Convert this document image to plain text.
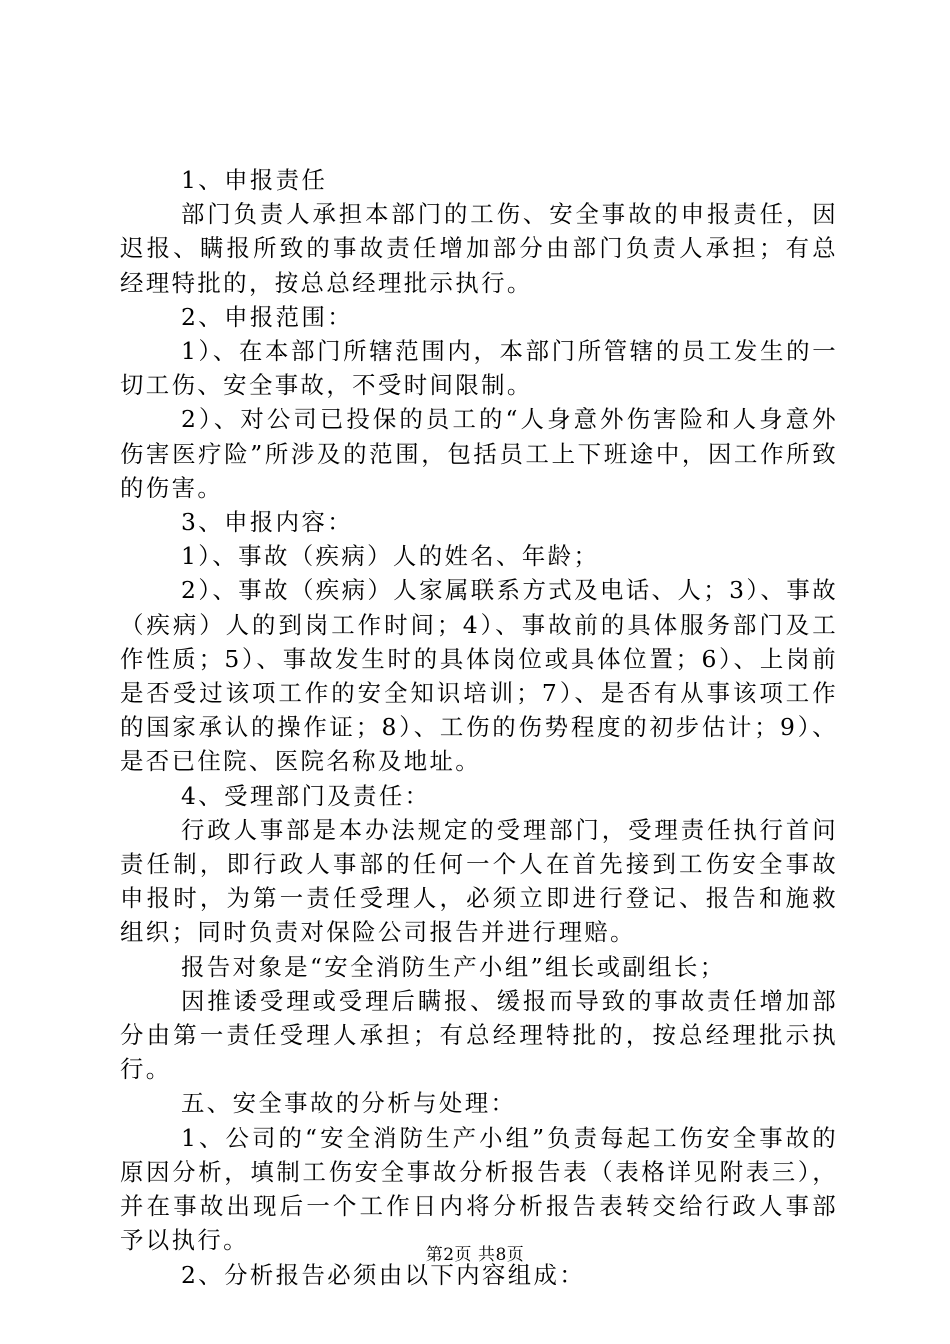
1、申报责任

部门负责人承担本部门的工伤、安全事故的申报责任，因迟报、瞒报所致的事故责任增加部分由部门负责人承担；有总经理特批的，按总总经理批示执行。

2、申报范围：

1）、在本部门所辖范围内，本部门所管辖的员工发生的一切工伤、安全事故，不受时间限制。

2）、对公司已投保的员工的“人身意外伤害险和人身意外伤害医疗险”所涉及的范围，包括员工上下班途中，因工作所致的伤害。

3、申报内容：

1）、事故（疾病）人的姓名、年龄；

2）、事故（疾病）人家属联系方式及电话、人；3）、事故（疾病）人的到岗工作时间；4）、事故前的具体服务部门及工作性质；5）、事故发生时的具体岗位或具体位置；6）、上岗前是否受过该项工作的安全知识培训；7）、是否有从事该项工作的国家承认的操作证；8）、工伤的伤势程度的初步估计；9）、是否已住院、医院名称及地址。

4、受理部门及责任：

行政人事部是本办法规定的受理部门，受理责任执行首问责任制，即行政人事部的任何一个人在首先接到工伤安全事故申报时，为第一责任受理人，必须立即进行登记、报告和施救组织；同时负责对保险公司报告并进行理赔。

报告对象是“安全消防生产小组”组长或副组长；

因推诿受理或受理后瞒报、缓报而导致的事故责任增加部分由第一责任受理人承担；有总经理特批的，按总经理批示执行。

五、安全事故的分析与处理：

1、公司的“安全消防生产小组”负责每起工伤安全事故的原因分析，填制工伤安全事故分析报告表（表格详见附表三），并在事故出现后一个工作日内将分析报告表转交给行政人事部予以执行。

2、分析报告必须由以下内容组成：

第2页 共8页
